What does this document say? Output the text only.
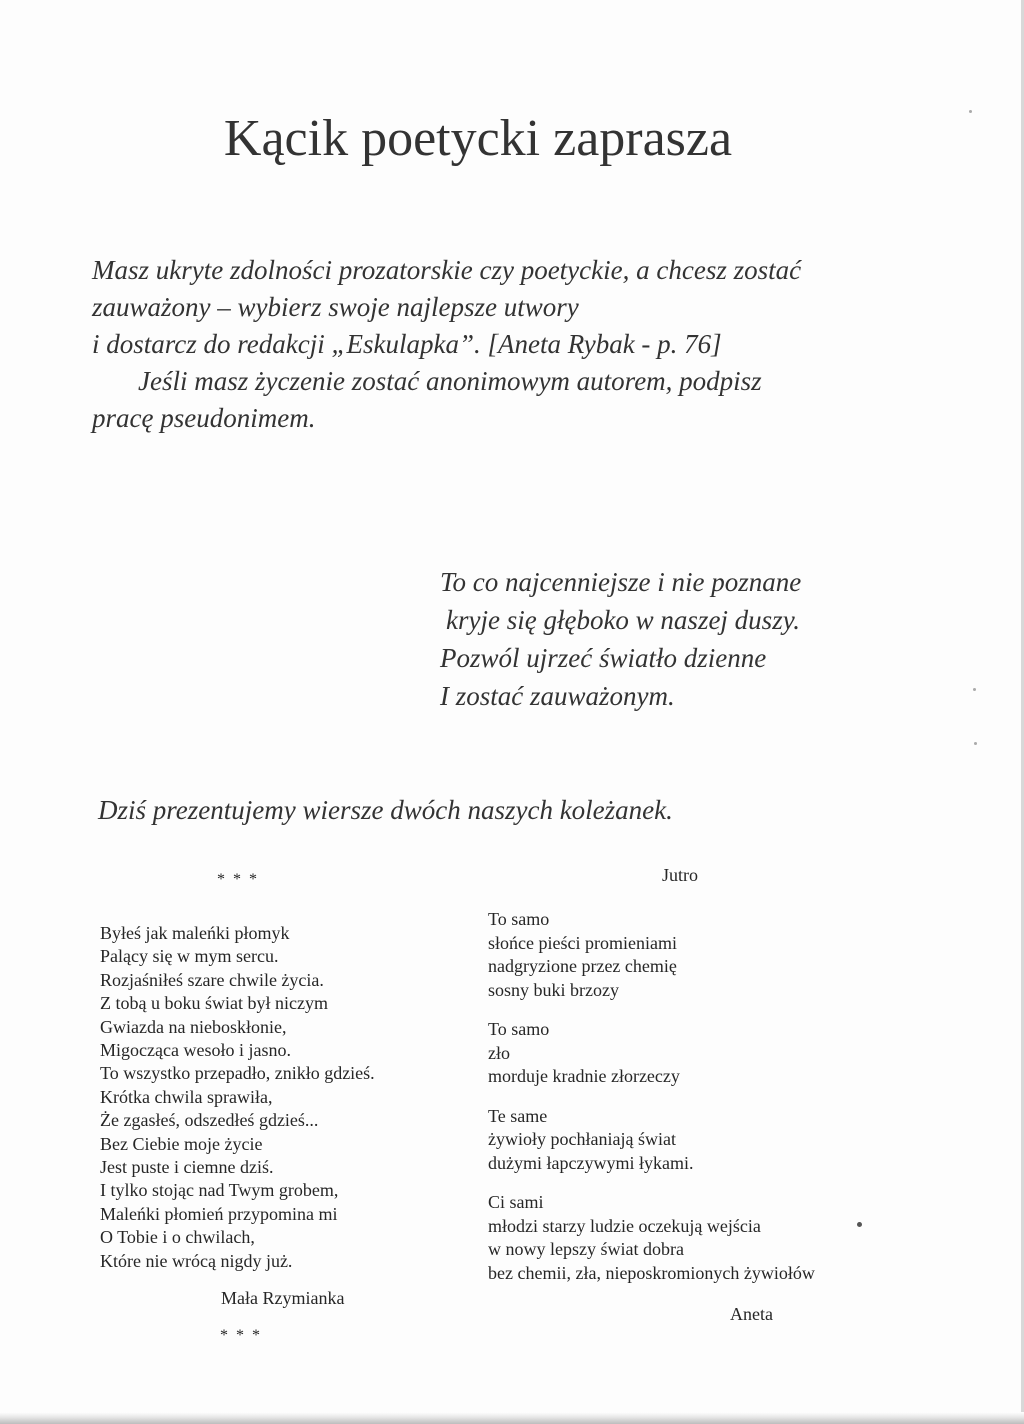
Kącik poetycki zaprasza

Masz ukryte zdolności prozatorskie czy poetyckie, a chcesz zostać
zauważony – wybierz swoje najlepsze utwory
i dostarcz do redakcji „Eskulapka”. [Aneta Rybak - p. 76]

Jeśli masz życzenie zostać anonimowym autorem, podpisz

pracę pseudonimem.

To co najcenniejsze i nie poznane
kryje się głęboko w naszej duszy.
Pozwól ujrzeć światło dzienne
I zostać zauważonym.
Dziś prezentujemy wiersze dwóch naszych koleżanek.
* * *
Byłeś jak maleńki płomyk
Palący się w mym sercu.
Rozjaśniłeś szare chwile życia.
Z tobą u boku świat był niczym
Gwiazda na nieboskłonie,
Migocząca wesoło i jasno.
To wszystko przepadło, znikło gdzieś.
Krótka chwila sprawiła,
Że zgasłeś, odszedłeś gdzieś...
Bez Ciebie moje życie
Jest puste i ciemne dziś.
I tylko stojąc nad Twym grobem,
Maleńki płomień przypomina mi
O Tobie i o chwilach,
Które nie wrócą nigdy już.
Mała Rzymianka
* * *
Jutro
To samo
słońce pieści promieniami
nadgryzione przez chemię
sosny buki brzozy
To samo
zło
morduje kradnie złorzeczy
Te same
żywioły pochłaniają świat
dużymi łapczywymi łykami.
Ci sami
młodzi starzy ludzie oczekują wejścia
w nowy lepszy świat dobra
bez chemii, zła, nieposkromionych żywiołów
Aneta
